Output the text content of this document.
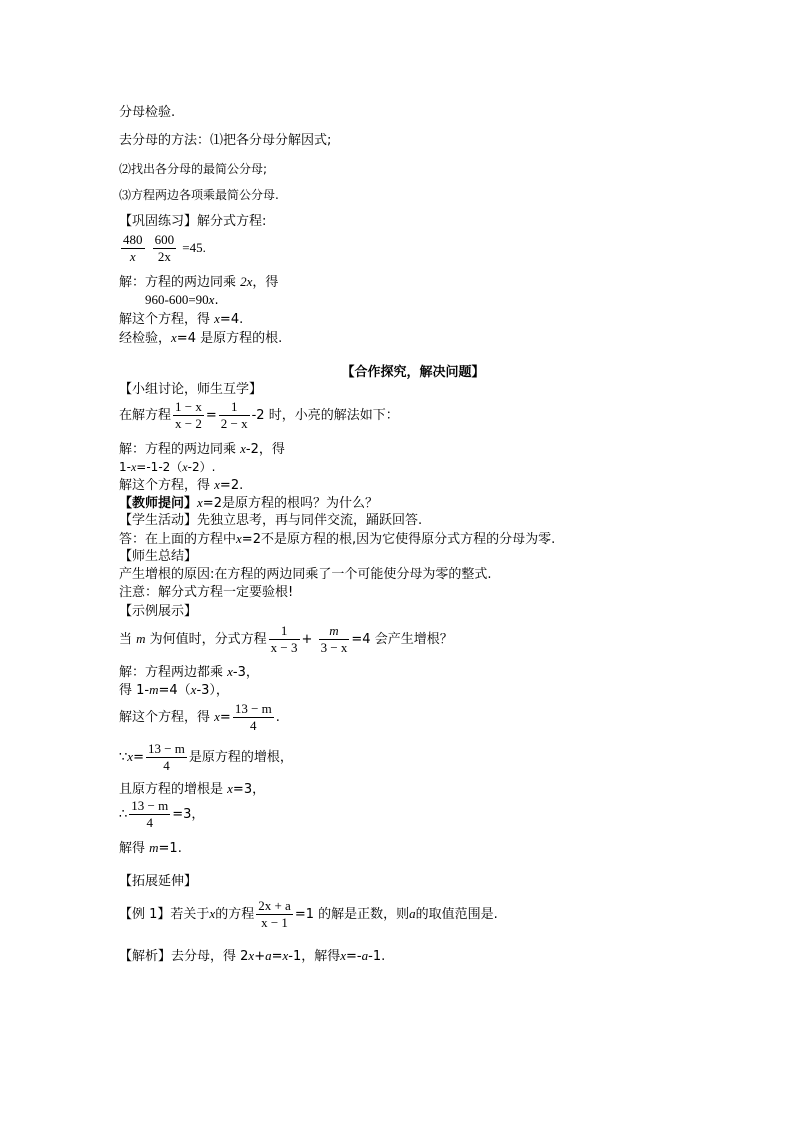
分母检验.
去分母的方法：⑴把各分母分解因式;
⑵找出各分母的最简公分母;
⑶方程两边各项乘最简公分母.
【巩固练习】解分式方程:
$\frac{480}{x}$
$\frac{600}{2x} =45$.
解：方程的两边同乘 2x，得
960-600=90x.
解这个方程，得 x=4.
经检验，x=4 是原方程的根.
【合作探究，解决问题】
【小组讨论，师生互学】
在解方程 $\frac{1 - x}{x - 2} = \frac{1}{2 - x} -2$ 时，小亮的解法如下：
解：方程的两边同乘 x-2，得
1-x=-1-2（x-2）.
解这个方程，得 x=2.
【教师提问】x=2是原方程的根吗？为什么？
【学生活动】先独立思考，再与同伴交流，踊跃回答.
答：在上面的方程中x=2不是原方程的根,因为它使得原分式方程的分母为零.
【师生总结】
产生增根的原因:在方程的两边同乘了一个可能使分母为零的整式.
注意：解分式方程一定要验根!
【示例展示】
当 m 为何值时，分式方程 $\frac{1}{x - 3} + \frac{m}{3 - x} =4$ 会产生增根？
解：方程两边都乘 x-3，
得 1-m=4（x-3），
解这个方程，得 $x= \frac{13 - m}{4}$ .
∵x= $\frac{13 - m}{4}$ 是原方程的增根，
且原方程的增根是 x=3，
∴ $\frac{13 - m}{4} =3$，
解得 m=1.
【拓展延伸】
【例 1】若关于x的方程 $\frac{2x + a}{x - 1} =1$ 的解是正数，则a的取值范围是.
【解析】去分母，得 2x+a=x-1，解得x=-a-1.
